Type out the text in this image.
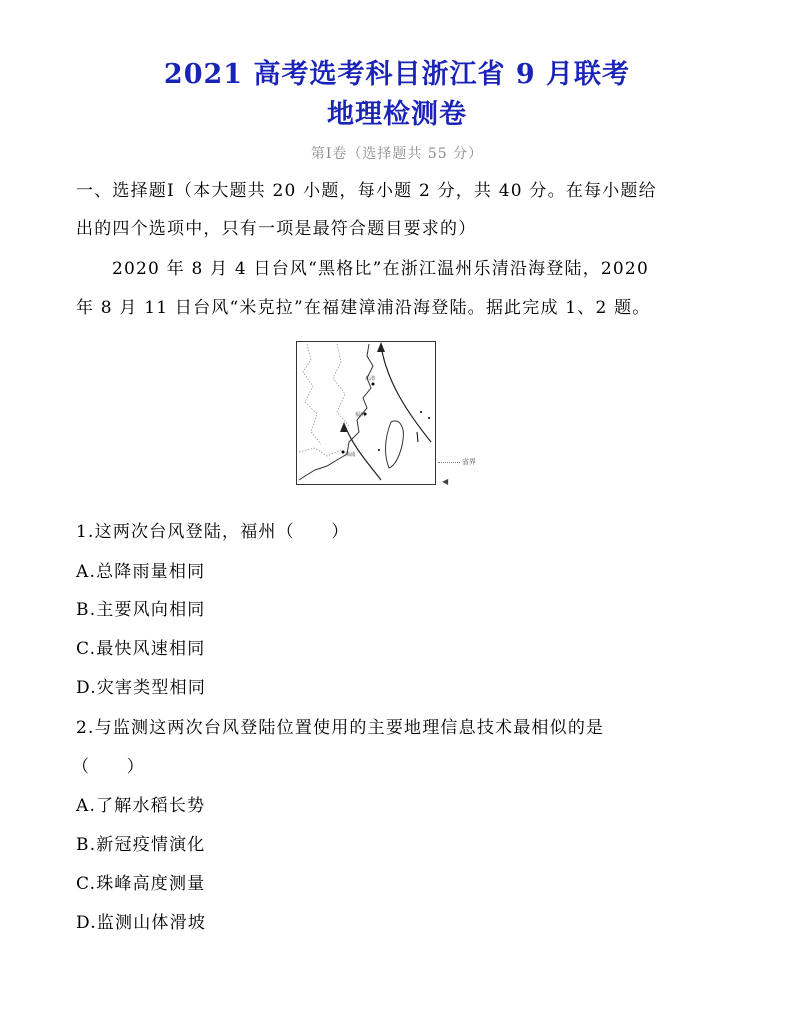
2021 高考选考科目浙江省 9 月联考
地理检测卷
第Ⅰ卷（选择题共 55 分）
一、选择题Ⅰ（本大题共 20 小题，每小题 2 分，共 40 分。在每小题给
出的四个选项中，只有一项是最符合题目要求的）
2020 年 8 月 4 日台风“黑格比”在浙江温州乐清沿海登陆，2020
年 8 月 11 日台风“米克拉”在福建漳浦沿海登陆。据此完成 1、2 题。
乐清
福州
漳浦
省界
◀
1.这两次台风登陆，福州（　　）
A.总降雨量相同
B.主要风向相同
C.最快风速相同
D.灾害类型相同
2.与监测这两次台风登陆位置使用的主要地理信息技术最相似的是
（　　）
A.了解水稻长势
B.新冠疫情演化
C.珠峰高度测量
D.监测山体滑坡
